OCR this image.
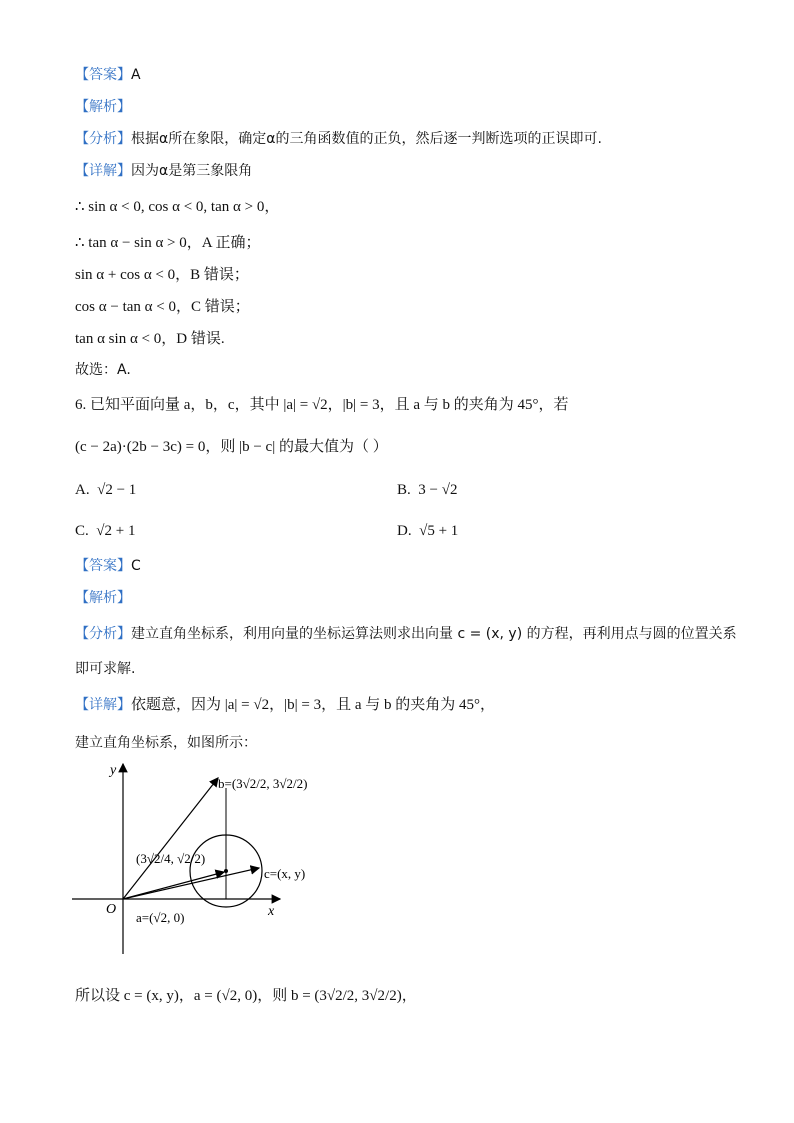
【答案】A
【解析】
【分析】根据α所在象限，确定α的三角函数值的正负，然后逐一判断选项的正误即可.
【详解】因为α是第三象限角
∴ sin α < 0, cos α < 0, tan α > 0，
∴ tan α − sin α > 0，A 正确；
sin α + cos α < 0，B 错误；
cos α − tan α < 0，C 错误；
tan α sin α < 0，D 错误.
故选：A.
6. 已知平面向量 a，b，c，其中 |a| = √2，|b| = 3，且 a 与 b 的夹角为 45°，若
(c − 2a)·(2b − 3c) = 0，则 |b − c| 的最大值为（ ）
A. √2 − 1	B. 3 − √2
C. √2 + 1	D. √5 + 1
【答案】C
【解析】
【分析】建立直角坐标系，利用向量的坐标运算法则求出向量 c = (x, y) 的方程，再利用点与圆的位置关系
即可求解.
【详解】依题意，因为 |a| = √2，|b| = 3，且 a 与 b 的夹角为 45°，
建立直角坐标系，如图所示：
y
x
O
b=(3√2/2, 3√2/2)
(3√2/4, √2/2)
c=(x, y)
a=(√2, 0)
所以设 c = (x, y)，a = (√2, 0)，则 b = (3√2/2, 3√2/2)，
